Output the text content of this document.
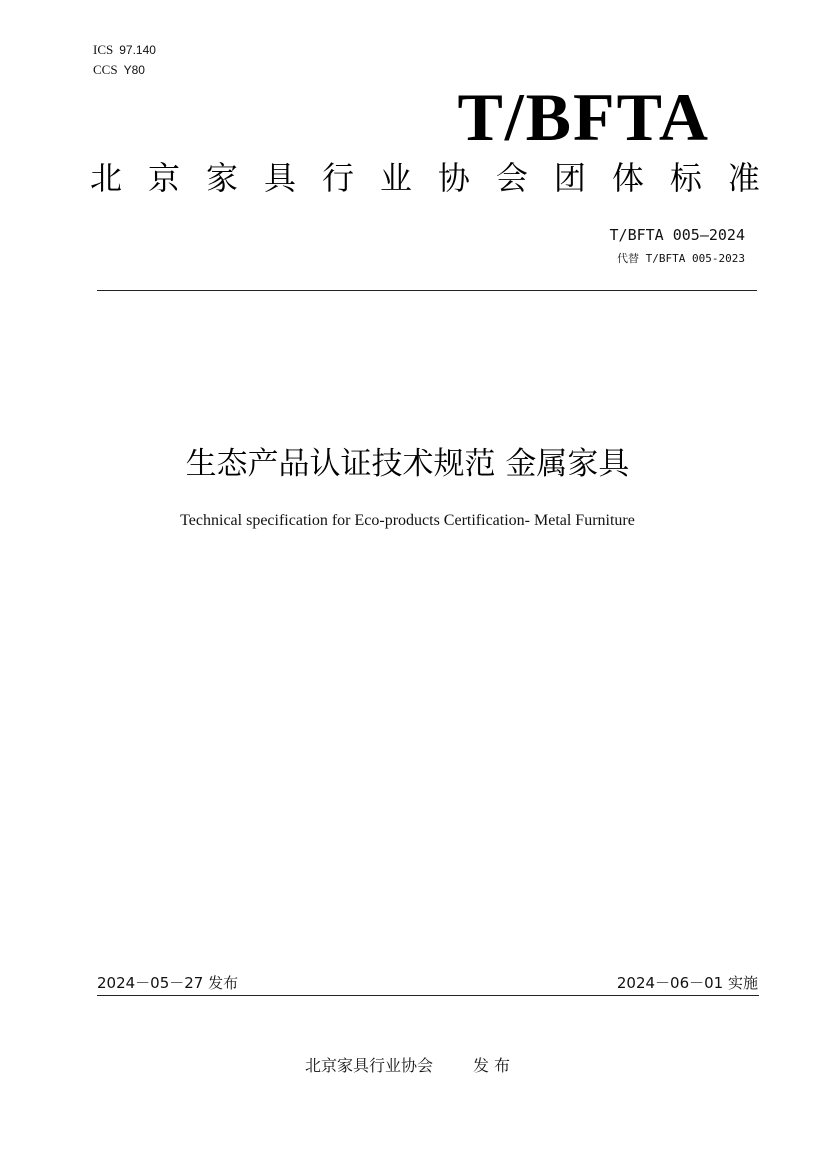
ICS 97.140
CCS Y80
T/BFTA
北 京 家 具 行 业 协 会 团 体 标 准
T/BFTA 005—2024
代替 T/BFTA 005-2023
生态产品认证技术规范 金属家具
Technical specification for Eco-products Certification- Metal Furniture
2024－05－27 发布	2024－06－01 实施
北京家具行业协会	发 布
